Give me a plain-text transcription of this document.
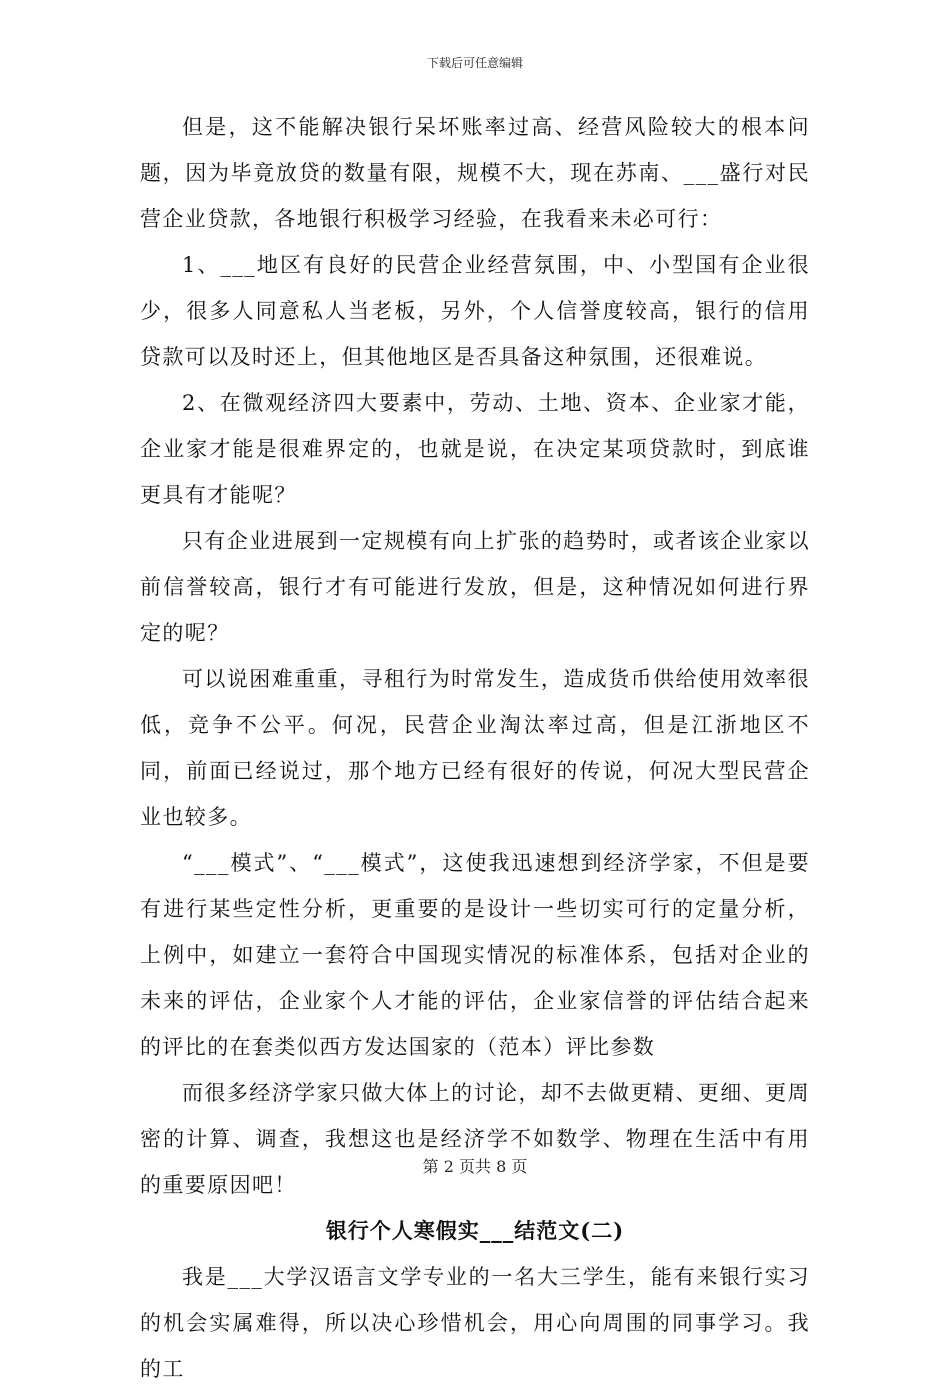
下载后可任意编辑

但是，这不能解决银行呆坏账率过高、经营风险较大的根本问题，因为毕竟放贷的数量有限，规模不大，现在苏南、___盛行对民营企业贷款，各地银行积极学习经验，在我看来未必可行：

1、___地区有良好的民营企业经营氛围，中、小型国有企业很少，很多人同意私人当老板，另外，个人信誉度较高，银行的信用贷款可以及时还上，但其他地区是否具备这种氛围，还很难说。

2、在微观经济四大要素中，劳动、土地、资本、企业家才能，企业家才能是很难界定的，也就是说，在决定某项贷款时，到底谁更具有才能呢？

只有企业进展到一定规模有向上扩张的趋势时，或者该企业家以前信誉较高，银行才有可能进行发放，但是，这种情况如何进行界定的呢？

可以说困难重重，寻租行为时常发生，造成货币供给使用效率很低，竞争不公平。何况，民营企业淘汰率过高，但是江浙地区不同，前面已经说过，那个地方已经有很好的传说，何况大型民营企业也较多。

“___模式”、“___模式”，这使我迅速想到经济学家，不但是要有进行某些定性分析，更重要的是设计一些切实可行的定量分析，上例中，如建立一套符合中国现实情况的标准体系，包括对企业的未来的评估，企业家个人才能的评估，企业家信誉的评估结合起来的评比的在套类似西方发达国家的（范本）评比参数

而很多经济学家只做大体上的讨论，却不去做更精、更细、更周密的计算、调查，我想这也是经济学不如数学、物理在生活中有用的重要原因吧！

银行个人寒假实___结范文(二)

我是___大学汉语言文学专业的一名大三学生，能有来银行实习的机会实属难得，所以决心珍惜机会，用心向周围的同事学习。我的工

第 2 页共 8 页
